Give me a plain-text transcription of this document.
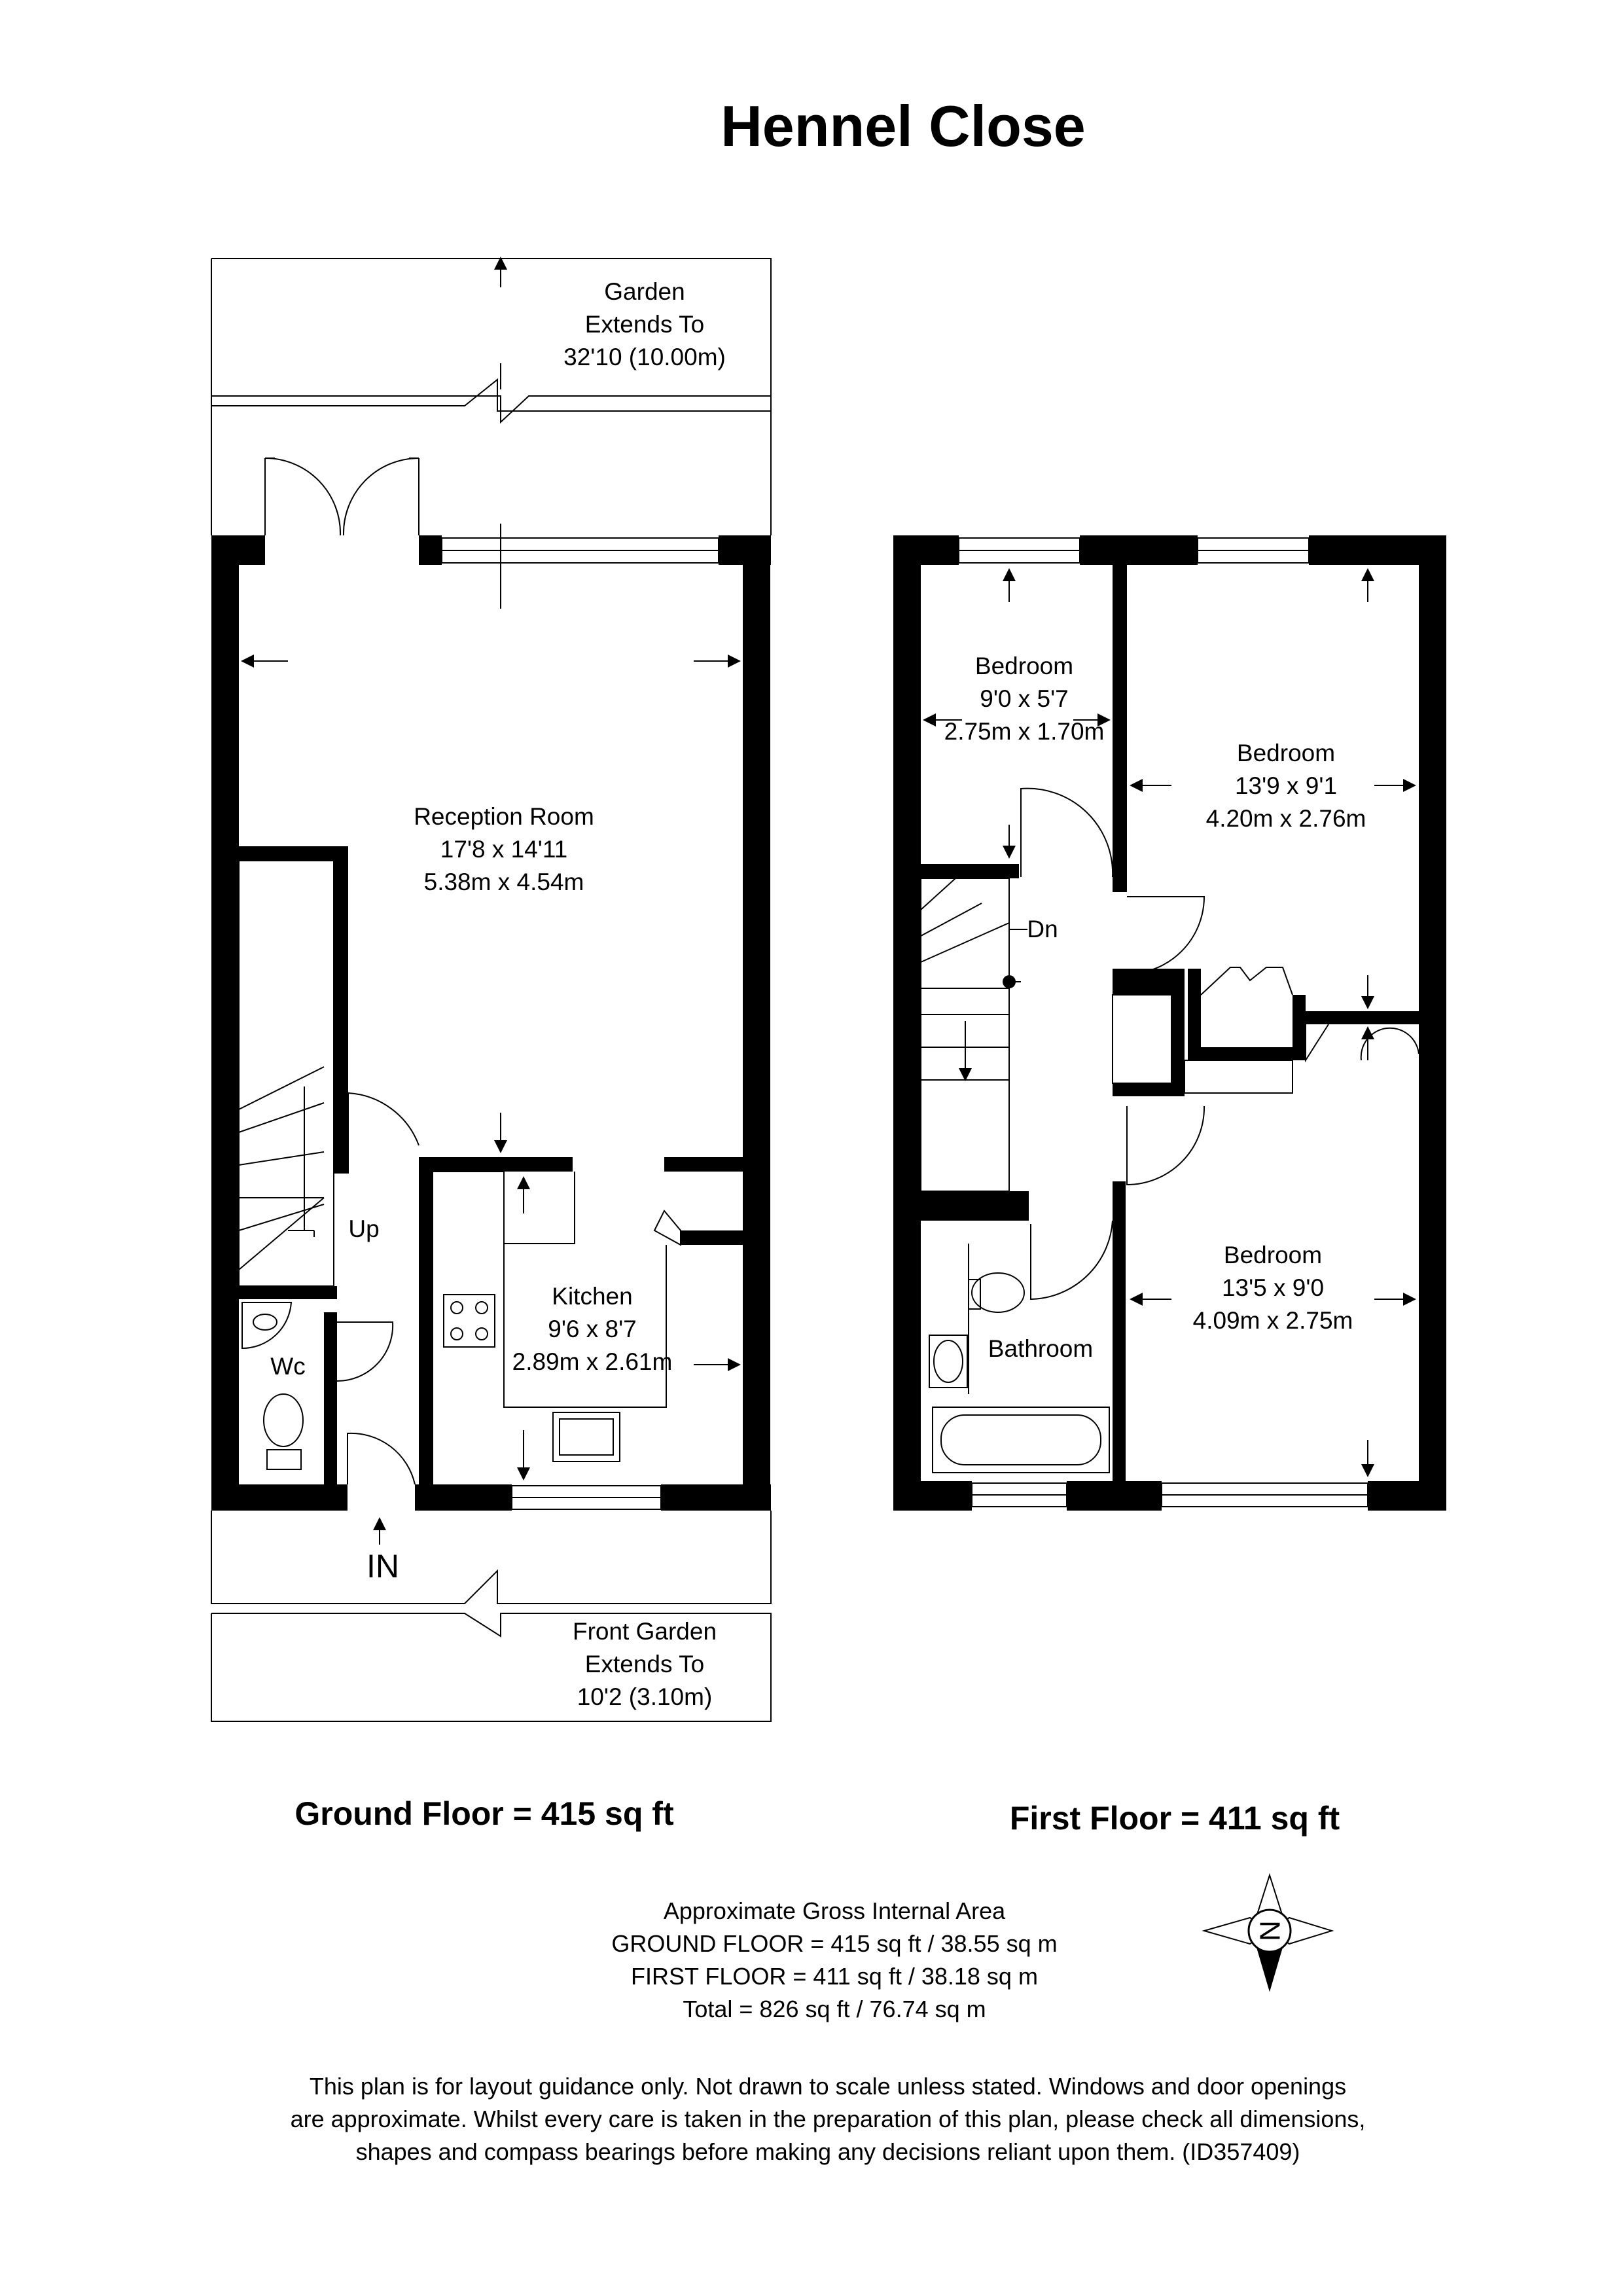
Hennel Close
Up
Garden
Extends To
32'10 (10.00m)
Reception Room
17'8 x 14'11
5.38m x 4.54m
Kitchen
9'6 x 8'7
2.89m x 2.61m
Wc
IN
Front Garden
Extends To
10'2 (3.10m)
Dn
Bedroom
9'0 x 5'7
2.75m x 1.70m
Bedroom
13'9 x 9'1
4.20m x 2.76m
Bedroom
13'5 x 9'0
4.09m x 2.75m
Bathroom
Ground Floor = 415 sq ft	First Floor = 411 sq ft
Approximate Gross Internal Area
GROUND FLOOR = 415 sq ft / 38.55 sq m
FIRST FLOOR = 411 sq ft / 38.18 sq m
Total = 826 sq ft / 76.74 sq m
N
This plan is for layout guidance only. Not drawn to scale unless stated. Windows and door openings
are approximate. Whilst every care is taken in the preparation of this plan, please check all dimensions,
shapes and compass bearings before making any decisions reliant upon them. (ID357409)
